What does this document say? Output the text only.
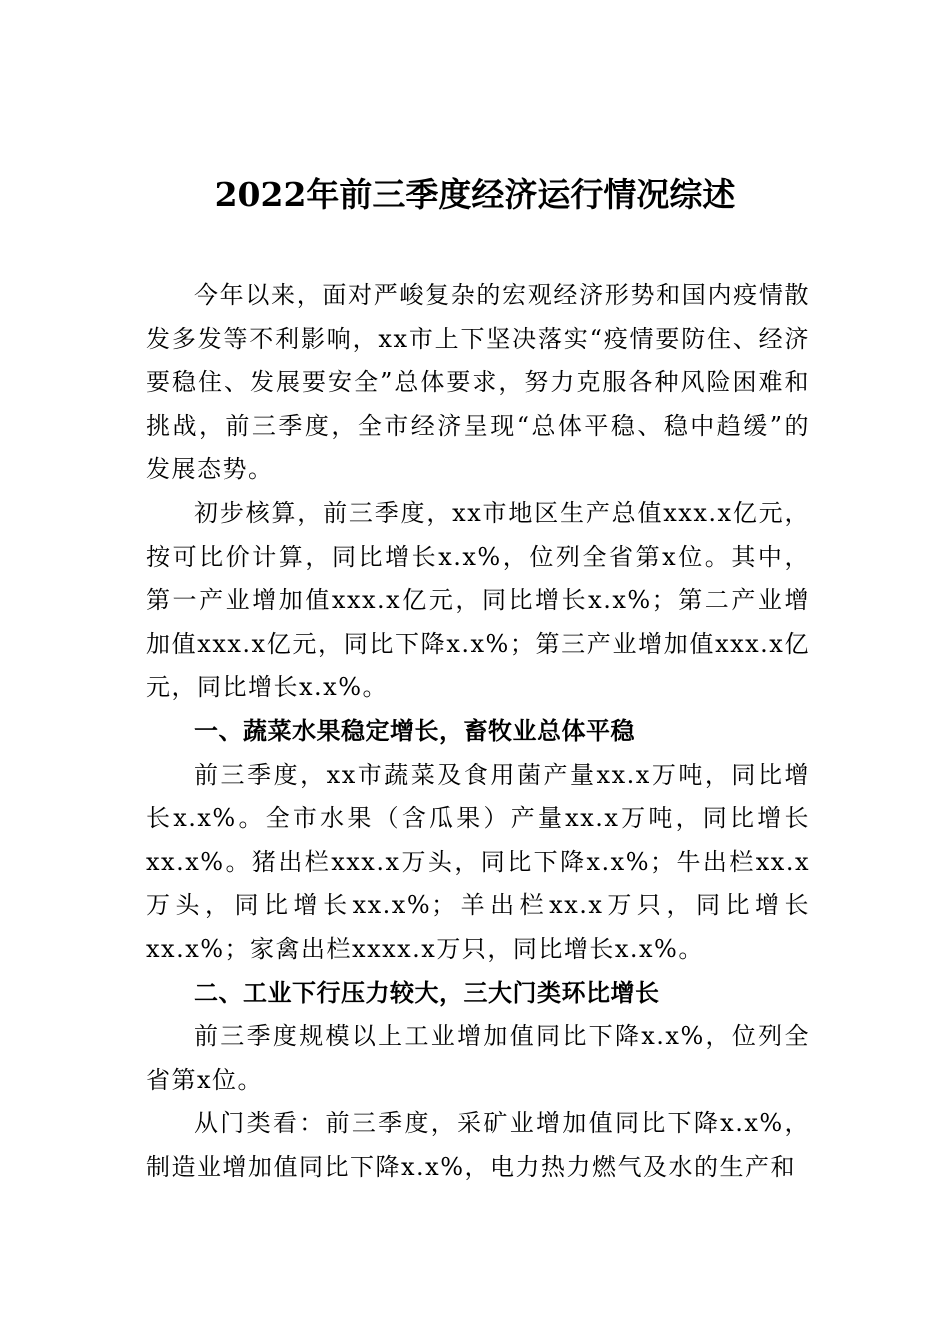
2022年前三季度经济运行情况综述

今年以来，面对严峻复杂的宏观经济形势和国内疫情散发多发等不利影响，xx市上下坚决落实“疫情要防住、经济要稳住、发展要安全”总体要求，努力克服各种风险困难和挑战，前三季度，全市经济呈现“总体平稳、稳中趋缓”的发展态势。

初步核算，前三季度，xx市地区生产总值xxx.x亿元，按可比价计算，同比增长x.x%，位列全省第x位。其中，第一产业增加值xxx.x亿元，同比增长x.x%；第二产业增加值xxx.x亿元，同比下降x.x%；第三产业增加值xxx.x亿元，同比增长x.x%。

一、蔬菜水果稳定增长，畜牧业总体平稳

前三季度，xx市蔬菜及食用菌产量xx.x万吨，同比增长x.x%。全市水果（含瓜果）产量xx.x万吨，同比增长xx.x%。猪出栏xxx.x万头，同比下降x.x%；牛出栏xx.x万头，同比增长xx.x%；羊出栏xx.x万只，同比增长xx.x%；家禽出栏xxxx.x万只，同比增长x.x%。

二、工业下行压力较大，三大门类环比增长

前三季度规模以上工业增加值同比下降x.x%，位列全省第x位。

从门类看：前三季度，采矿业增加值同比下降x.x%，制造业增加值同比下降x.x%，电力热力燃气及水的生产和
